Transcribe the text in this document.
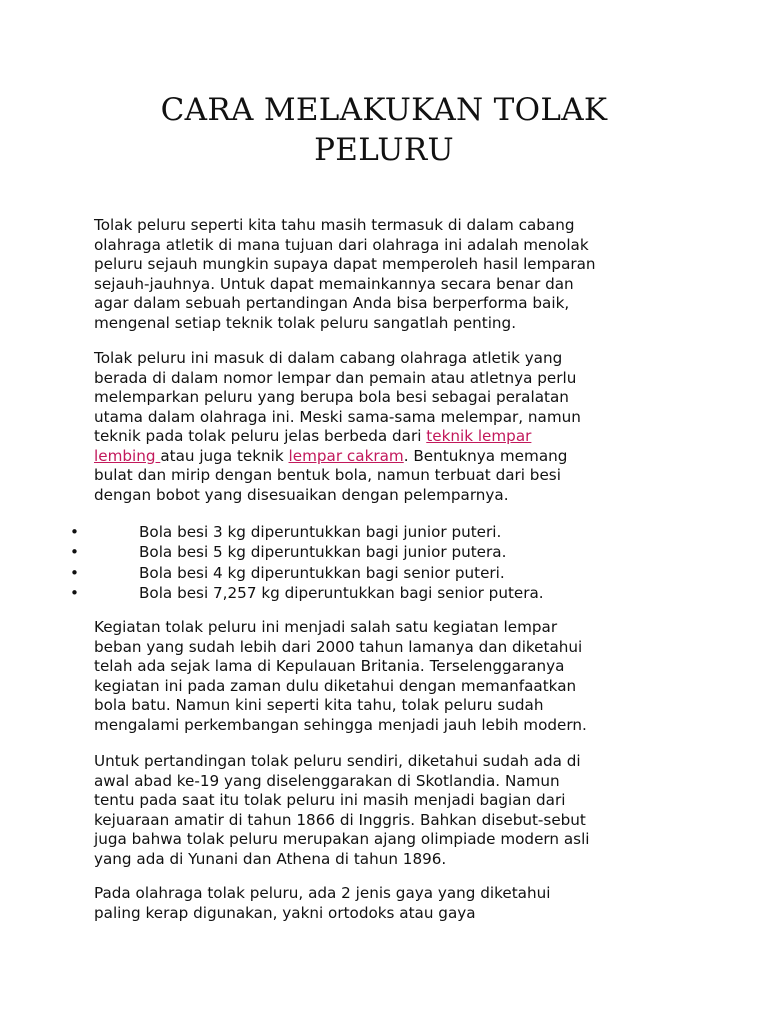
CARA MELAKUKAN TOLAK
PELURU

Tolak peluru seperti kita tahu masih termasuk di dalam cabang
olahraga atletik di mana tujuan dari olahraga ini adalah menolak
peluru sejauh mungkin supaya dapat memperoleh hasil lemparan
sejauh-jauhnya. Untuk dapat memainkannya secara benar dan
agar dalam sebuah pertandingan Anda bisa berperforma baik,
mengenal setiap teknik tolak peluru sangatlah penting.

Tolak peluru ini masuk di dalam cabang olahraga atletik yang
berada di dalam nomor lempar dan pemain atau atletnya perlu
melemparkan peluru yang berupa bola besi sebagai peralatan
utama dalam olahraga ini. Meski sama-sama melempar, namun
teknik pada tolak peluru jelas berbeda dari teknik lempar
lembing atau juga teknik lempar cakram. Bentuknya memang
bulat dan mirip dengan bentuk bola, namun terbuat dari besi
dengan bobot yang disesuaikan dengan pelemparnya.

•	Bola besi 3 kg diperuntukkan bagi junior puteri.
•	Bola besi 5 kg diperuntukkan bagi junior putera.
•	Bola besi 4 kg diperuntukkan bagi senior puteri.
•	Bola besi 7,257 kg diperuntukkan bagi senior putera.

Kegiatan tolak peluru ini menjadi salah satu kegiatan lempar
beban yang sudah lebih dari 2000 tahun lamanya dan diketahui
telah ada sejak lama di Kepulauan Britania. Terselenggaranya
kegiatan ini pada zaman dulu diketahui dengan memanfaatkan
bola batu. Namun kini seperti kita tahu, tolak peluru sudah
mengalami perkembangan sehingga menjadi jauh lebih modern.

Untuk pertandingan tolak peluru sendiri, diketahui sudah ada di
awal abad ke-19 yang diselenggarakan di Skotlandia. Namun
tentu pada saat itu tolak peluru ini masih menjadi bagian dari
kejuaraan amatir di tahun 1866 di Inggris. Bahkan disebut-sebut
juga bahwa tolak peluru merupakan ajang olimpiade modern asli
yang ada di Yunani dan Athena di tahun 1896.

Pada olahraga tolak peluru, ada 2 jenis gaya yang diketahui
paling kerap digunakan, yakni ortodoks atau gaya
